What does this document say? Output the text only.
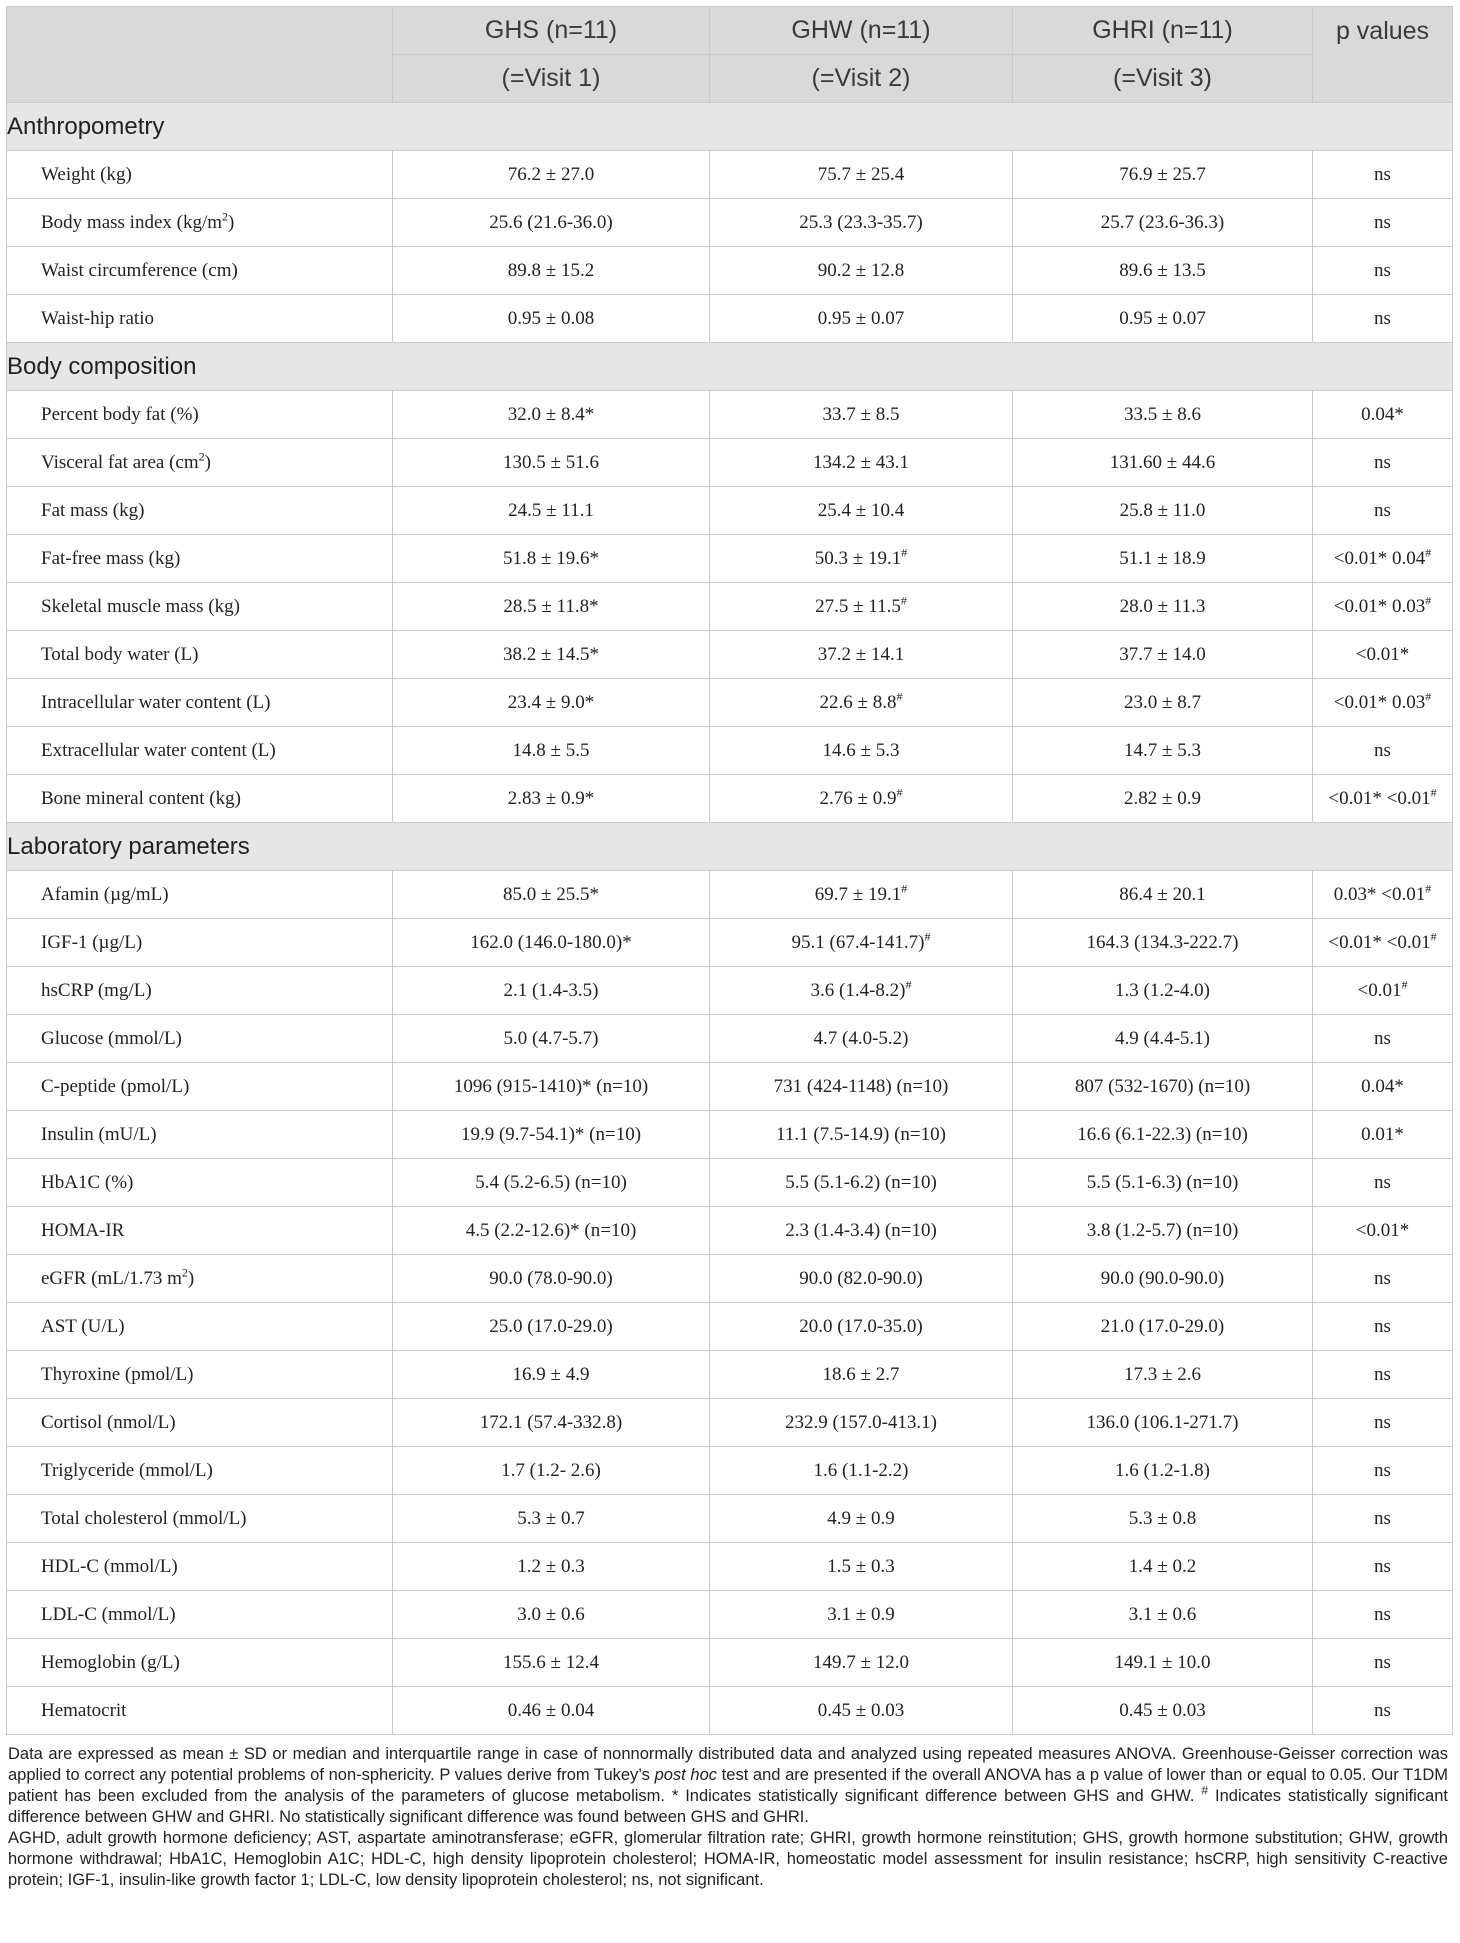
	GHS (n=11)	GHW (n=11)	GHRI (n=11)	p values
	(=Visit 1)	(=Visit 2)	(=Visit 3)	
Anthropometry				
Weight (kg)	76.2 ± 27.0	75.7 ± 25.4	76.9 ± 25.7	ns
Body mass index $(kg/m^2)$	25.6 (21.6-36.0)	25.3 (23.3-35.7)	25.7 (23.6-36.3)	ns
Waist circumference (cm)	89.8 ± 15.2	90.2 ± 12.8	89.6 ± 13.5	ns
Waist-hip ratio	0.95 ± 0.08	0.95 ± 0.07	0.95 ± 0.07	ns
Body composition				
Percent body fat (%)	32.0 ± 8.4*	33.7 ± 8.5	33.5 ± 8.6	0.04*
Visceral fat area $(cm^2)$	130.5 ± 51.6	134.2 ± 43.1	131.60 ± 44.6	ns
Fat mass (kg)	24.5 ± 11.1	25.4 ± 10.4	25.8 ± 11.0	ns
Fat-free mass (kg)	51.8 ± 19.6*	50.3 ± 19.1#	51.1 ± 18.9	<0.01* 0.04#
Skeletal muscle mass (kg)	28.5 ± 11.8*	27.5 ± 11.5#	28.0 ± 11.3	<0.01* 0.03#
Total body water (L)	38.2 ± 14.5*	37.2 ± 14.1	37.7 ± 14.0	<0.01*
Intracellular water content (L)	23.4 ± 9.0*	22.6 ± 8.8#	23.0 ± 8.7	<0.01* 0.03#
Extracellular water content (L)	14.8 ± 5.5	14.6 ± 5.3	14.7 ± 5.3	ns
Bone mineral content (kg)	2.83 ± 0.9*	2.76 ± 0.9#	2.82 ± 0.9	<0.01* <0.01#
Laboratory parameters				
Afamin (µg/mL)	85.0 ± 25.5*	69.7 ± 19.1#	86.4 ± 20.1	0.03* <0.01#
IGF-1 (µg/L)	162.0 (146.0-180.0)*	95.1 (67.4-141.7)#	164.3 (134.3-222.7)	<0.01* <0.01#
hsCRP (mg/L)	2.1 (1.4-3.5)	3.6 (1.4-8.2)#	1.3 (1.2-4.0)	<0.01#
Glucose (mmol/L)	5.0 (4.7-5.7)	4.7 (4.0-5.2)	4.9 (4.4-5.1)	ns
C-peptide (pmol/L)	1096 (915-1410)* (n=10)	731 (424-1148) (n=10)	807 (532-1670) (n=10)	0.04*
Insulin (mU/L)	19.9 (9.7-54.1)* (n=10)	11.1 (7.5-14.9) (n=10)	16.6 (6.1-22.3) (n=10)	0.01*
HbA1C (%)	5.4 (5.2-6.5) (n=10)	5.5 (5.1-6.2) (n=10)	5.5 (5.1-6.3) (n=10)	ns
HOMA-IR	4.5 (2.2-12.6)* (n=10)	2.3 (1.4-3.4) (n=10)	3.8 (1.2-5.7) (n=10)	<0.01*
eGFR (mL/1.73 $m^2$)	90.0 (78.0-90.0)	90.0 (82.0-90.0)	90.0 (90.0-90.0)	ns
AST (U/L)	25.0 (17.0-29.0)	20.0 (17.0-35.0)	21.0 (17.0-29.0)	ns
Thyroxine (pmol/L)	16.9 ± 4.9	18.6 ± 2.7	17.3 ± 2.6	ns
Cortisol (nmol/L)	172.1 (57.4-332.8)	232.9 (157.0-413.1)	136.0 (106.1-271.7)	ns
Triglyceride (mmol/L)	1.7 (1.2- 2.6)	1.6 (1.1-2.2)	1.6 (1.2-1.8)	ns
Total cholesterol (mmol/L)	5.3 ± 0.7	4.9 ± 0.9	5.3 ± 0.8	ns
HDL-C (mmol/L)	1.2 ± 0.3	1.5 ± 0.3	1.4 ± 0.2	ns
LDL-C (mmol/L)	3.0 ± 0.6	3.1 ± 0.9	3.1 ± 0.6	ns
Hemoglobin (g/L)	155.6 ± 12.4	149.7 ± 12.0	149.1 ± 10.0	ns
Hematocrit	0.46 ± 0.04	0.45 ± 0.03	0.45 ± 0.03	ns

Data are expressed as mean ± SD or median and interquartile range in case of nonnormally distributed data and analyzed using repeated measures ANOVA. Greenhouse-Geisser correction was applied to correct any potential problems of non-sphericity. P values derive from Tukey’s post hoc test and are presented if the overall ANOVA has a p value of lower than or equal to 0.05. Our T1DM patient has been excluded from the analysis of the parameters of glucose metabolism. * Indicates statistically significant difference between GHS and GHW. # Indicates statistically significant difference between GHW and GHRI. No statistically significant difference was found between GHS and GHRI.

AGHD, adult growth hormone deficiency; AST, aspartate aminotransferase; eGFR, glomerular filtration rate; GHRI, growth hormone reinstitution; GHS, growth hormone substitution; GHW, growth hormone withdrawal; HbA1C, Hemoglobin A1C; HDL-C, high density lipoprotein cholesterol; HOMA-IR, homeostatic model assessment for insulin resistance; hsCRP, high sensitivity C-reactive protein; IGF-1, insulin-like growth factor 1; LDL-C, low density lipoprotein cholesterol; ns, not significant.
